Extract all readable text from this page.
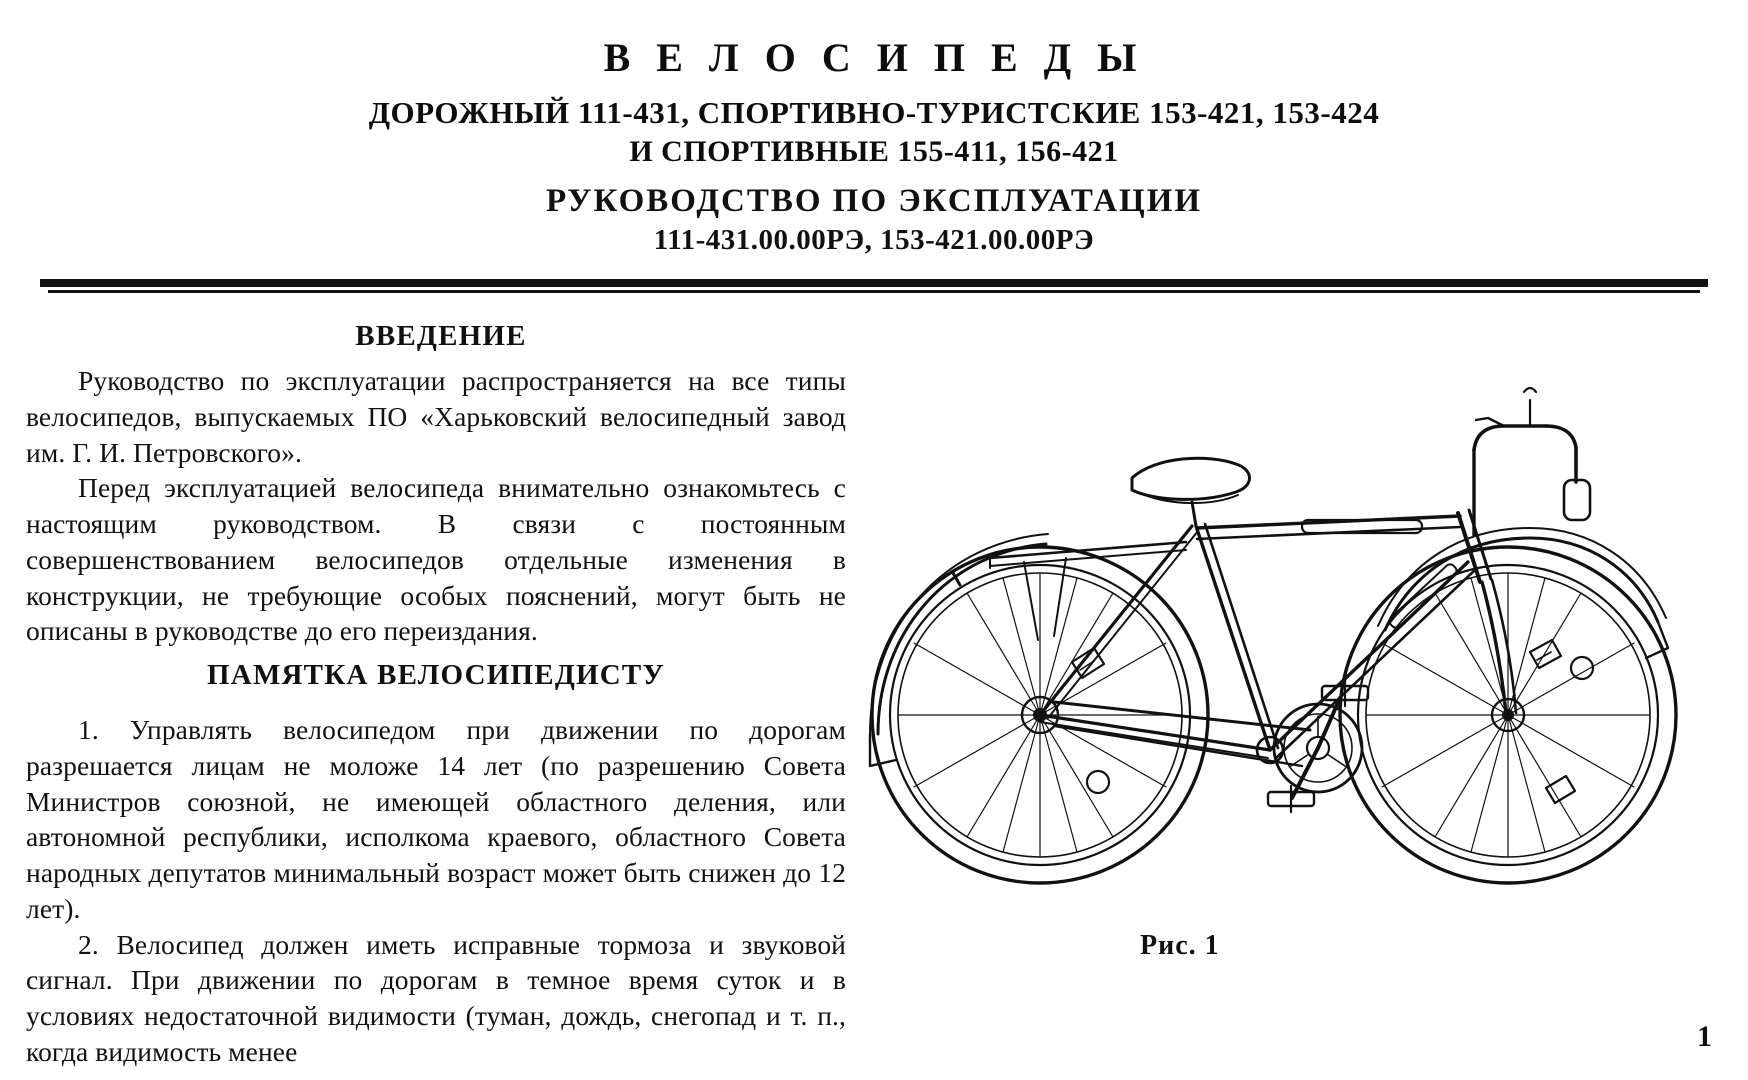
В Е Л О С И П Е Д Ы

ДОРОЖНЫЙ 111-431, СПОРТИВНО-ТУРИСТСКИЕ 153-421, 153-424

И СПОРТИВНЫЕ 155-411, 156-421

РУКОВОДСТВО ПО ЭКСПЛУАТАЦИИ

111-431.00.00РЭ, 153-421.00.00РЭ

ВВЕДЕНИЕ

Руководство по эксплуатации распространяется на все типы велосипедов, выпускаемых ПО «Харьковский велосипедный завод им. Г. И. Петровского».

Перед эксплуатацией велосипеда внимательно ознакомьтесь с настоящим руководством. В связи с постоянным совершенствованием велосипедов отдельные изменения в конструкции, не требующие особых пояснений, могут быть не описаны в руководстве до его переиздания.

ПАМЯТКА ВЕЛОСИПЕДИСТУ

1. Управлять велосипедом при движении по дорогам разрешается лицам не моложе 14 лет (по разрешению Совета Министров союзной, не имеющей областного деления, или автономной республики, исполкома краевого, областного Совета народных депутатов минимальный возраст может быть снижен до 12 лет).

2. Велосипед должен иметь исправные тормоза и звуковой сигнал. При движении по дорогам в темное время суток и в условиях недостаточной видимости (туман, дождь, снегопад и т. п., когда видимость менее

Рис. 1
1
